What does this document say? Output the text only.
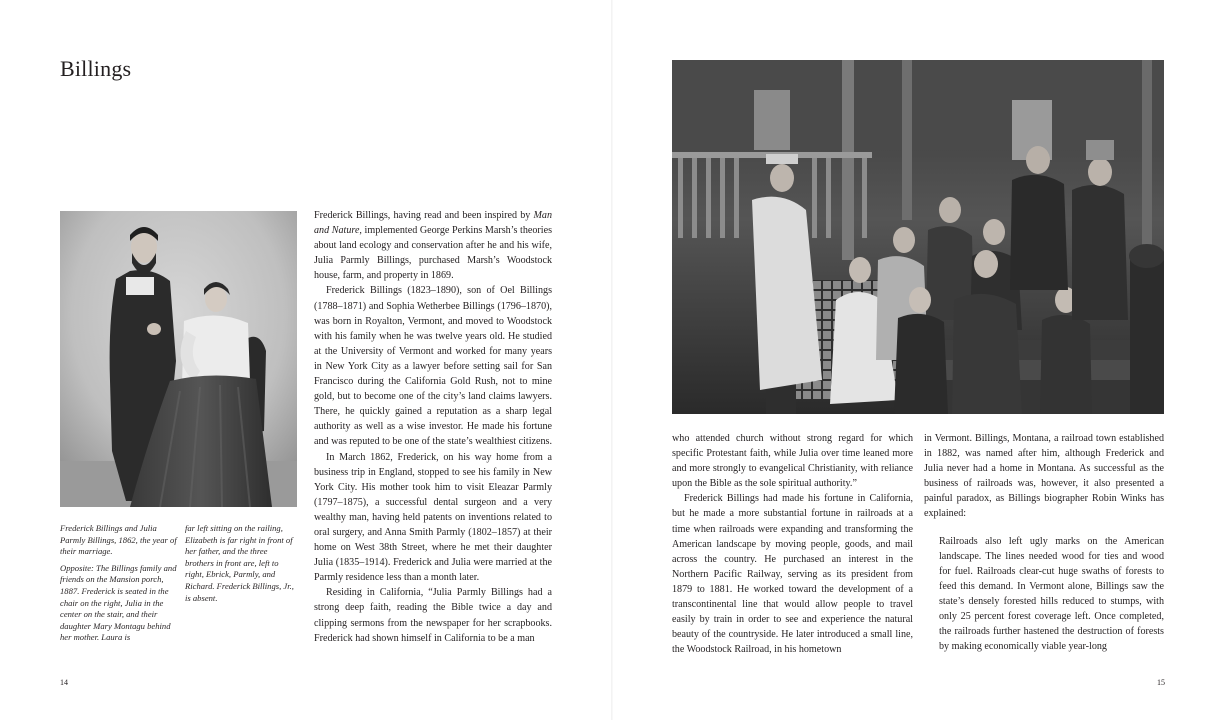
Billings

Frederick Billings and Julia Parmly Billings, 1862, the year of their marriage.

Opposite: The Billings family and friends on the Mansion porch, 1887. Frederick is seated in the chair on the right, Julia in the center on the stair, and their daughter Mary Montagu behind her mother. Laura is

far left sitting on the railing, Elizabeth is far right in front of her father, and the three brothers in front are, left to right, Ebrick, Parmly, and Richard. Frederick Billings, Jr., is absent.

Frederick Billings, having read and been inspired by Man and Nature, implemented George Perkins Marsh’s theories about land ecology and conservation after he and his wife, Julia Parmly Billings, purchased Marsh’s Woodstock house, farm, and property in 1869.

Frederick Billings (1823–1890), son of Oel Billings (1788–1871) and Sophia Wetherbee Billings (1796–1870), was born in Royalton, Vermont, and moved to Woodstock with his family when he was twelve years old. He studied at the University of Vermont and worked for many years in New York City as a lawyer before setting sail for San Francisco during the California Gold Rush, not to mine gold, but to become one of the city’s land claims lawyers. There, he quickly gained a reputation as a sharp legal authority as well as a wise investor. He made his fortune and was reputed to be one of the state’s wealthiest citizens.

In March 1862, Frederick, on his way home from a business trip in England, stopped to see his family in New York City. His mother took him to visit Eleazar Parmly (1797–1875), a successful dental surgeon and a very wealthy man, having held patents on inventions related to oral surgery, and Anna Smith Parmly (1802–1857) at their home on West 38th Street, where he met their daughter Julia (1835–1914). Frederick and Julia were married at the Parmly residence less than a month later.

Residing in California, “Julia Parmly Billings had a strong deep faith, reading the Bible twice a day and clipping sermons from the newspaper for her scrapbooks. Frederick had shown himself in California to be a man

14

who attended church without strong regard for which specific Protestant faith, while Julia over time leaned more and more strongly to evangelical Christianity, with reliance upon the Bible as the sole spiritual authority.”

Frederick Billings had made his fortune in California, but he made a more substantial fortune in railroads at a time when railroads were expanding and transforming the American landscape by moving people, goods, and mail across the country. He purchased an interest in the Northern Pacific Railway, serving as its president from 1879 to 1881. He worked toward the development of a transcontinental line that would allow people to travel easily by train in order to see and experience the natural beauty of the countryside. He later introduced a small line, the Woodstock Railroad, in his hometown

in Vermont. Billings, Montana, a railroad town established in 1882, was named after him, although Frederick and Julia never had a home in Montana. As successful as the business of railroads was, however, it also presented a painful paradox, as Billings biographer Robin Winks has explained:

Railroads also left ugly marks on the American landscape. The lines needed wood for ties and wood for fuel. Railroads clear-cut huge swaths of forests to feed this demand. In Vermont alone, Billings saw the state’s densely forested hills reduced to stumps, with only 25 percent forest coverage left. Once completed, the railroads further hastened the destruction of forests by making economically viable year-long

15
